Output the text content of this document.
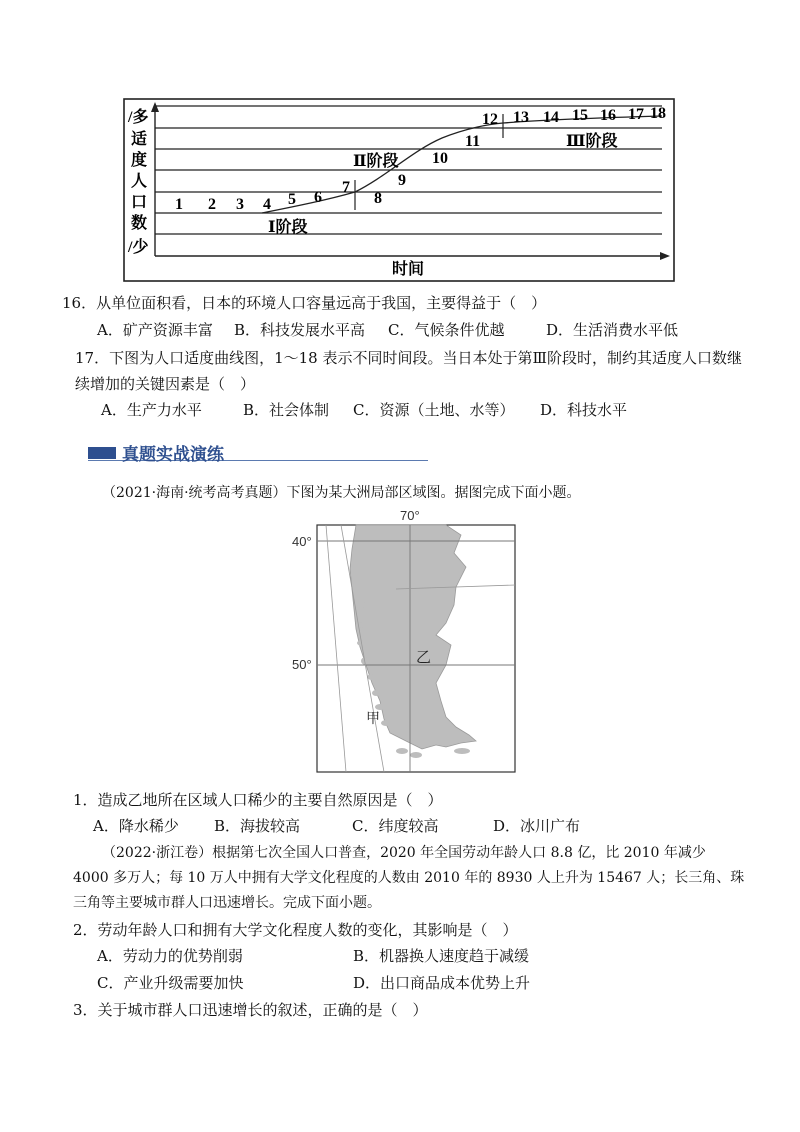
/多
适
度
人
口
数
/少
时间
Ⅰ阶段
Ⅱ阶段
Ⅲ阶段
1 2 3 4 5 6
7
8
9
10
11
12 13 14 15 16 17 18
16．从单位面积看，日本的环境人口容量远高于我国，主要得益于（　）
A．矿产资源丰富 B．科技发展水平高 C．气候条件优越	D．生活消费水平低
17．下图为人口适度曲线图，1～18 表示不同时间段。当日本处于第Ⅲ阶段时，制约其适度人口数继
续增加的关键因素是（　）
A．生产力水平	B．社会体制 C．资源（土地、水等） D．科技水平
真题实战演练
（2021·海南·统考高考真题）下图为某大洲局部区域图。据图完成下面小题。
70°
40°
50°	乙
甲
1．造成乙地所在区域人口稀少的主要自然原因是（　）
A．降水稀少 B．海拔较高	C．纬度较高	D．冰川广布
（2022·浙江卷）根据第七次全国人口普查，2020 年全国劳动年龄人口 8.8 亿，比 2010 年减少
4000 多万人；每 10 万人中拥有大学文化程度的人数由 2010 年的 8930 人上升为 15467 人；长三角、珠
三角等主要城市群人口迅速增长。完成下面小题。
2．劳动年龄人口和拥有大学文化程度人数的变化，其影响是（　）
A．劳动力的优势削弱	B．机器换人速度趋于减缓
C．产业升级需要加快	D．出口商品成本优势上升
3．关于城市群人口迅速增长的叙述，正确的是（　）
